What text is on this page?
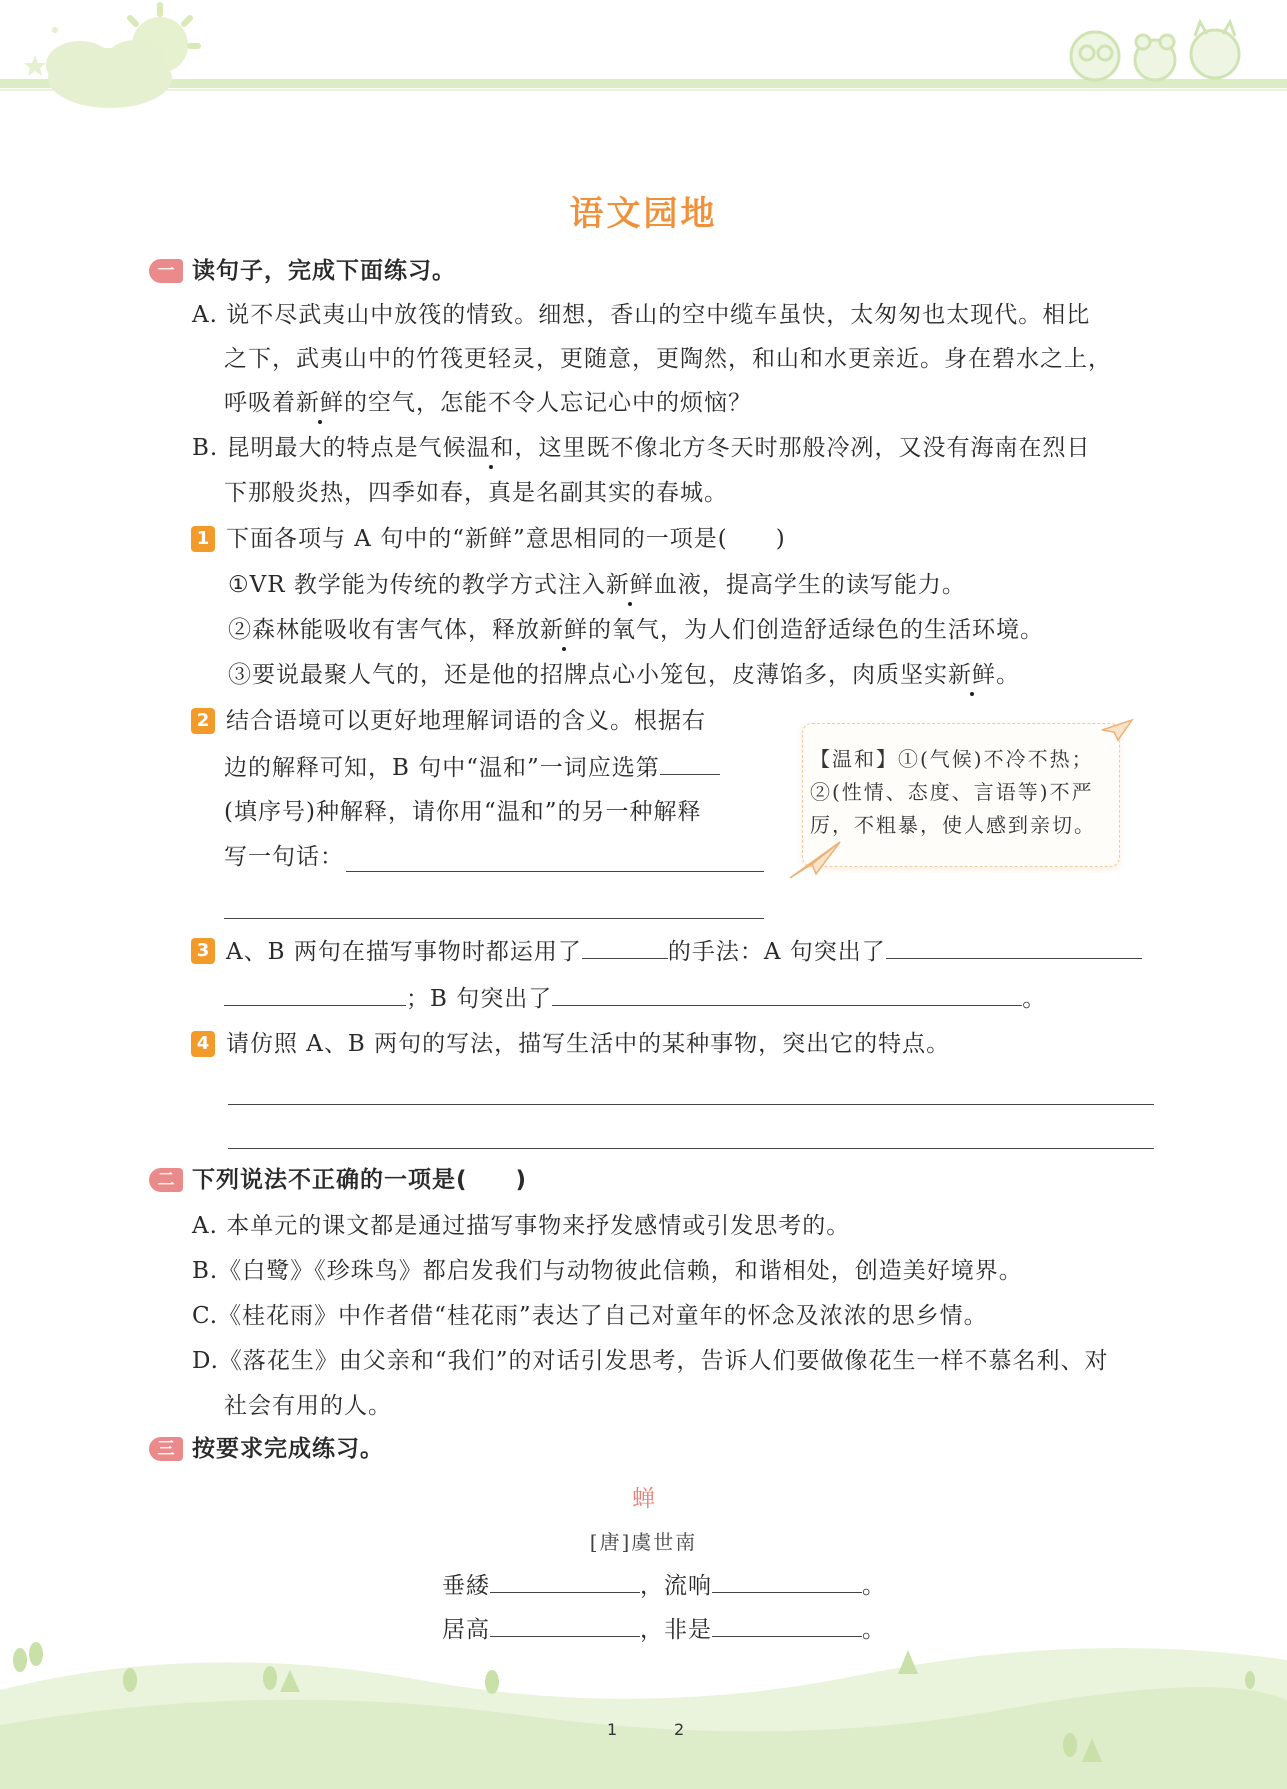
语文园地
一 读句子，完成下面练习。
A. 说不尽武夷山中放筏的情致。细想，香山的空中缆车虽快，太匆匆也太现代。相比
之下，武夷山中的竹筏更轻灵，更随意，更陶然，和山和水更亲近。身在碧水之上，
呼吸着新鲜的空气，怎能不令人忘记心中的烦恼？
B. 昆明最大的特点是气候温和，这里既不像北方冬天时那般冷冽，又没有海南在烈日
下那般炎热，四季如春，真是名副其实的春城。
1 下面各项与 A 句中的“新鲜”意思相同的一项是(　　)
①VR 教学能为传统的教学方式注入新鲜血液，提高学生的读写能力。
②森林能吸收有害气体，释放新鲜的氧气，为人们创造舒适绿色的生活环境。
③要说最聚人气的，还是他的招牌点心小笼包，皮薄馅多，肉质坚实新鲜。
2 结合语境可以更好地理解词语的含义。根据右
边的解释可知，B 句中“温和”一词应选第
(填序号)种解释，请你用“温和”的另一种解释
写一句话：
【温和】①(气候)不冷不热；
②(性情、态度、言语等)不严
厉，不粗暴，使人感到亲切。
3 A、B 两句在描写事物时都运用了	的手法：A 句突出了
；B 句突出了	。
4 请仿照 A、B 两句的写法，描写生活中的某种事物，突出它的特点。
二 下列说法不正确的一项是(　　)
A. 本单元的课文都是通过描写事物来抒发感情或引发思考的。
B.《白鹭》《珍珠鸟》都启发我们与动物彼此信赖，和谐相处，创造美好境界。
C.《桂花雨》中作者借“桂花雨”表达了自己对童年的怀念及浓浓的思乡情。
D.《落花生》由父亲和“我们”的对话引发思考，告诉人们要做像花生一样不慕名利、对
社会有用的人。
三 按要求完成练习。
蝉
[唐]虞世南
垂緌	，流响	。
居高	，非是	。
1	2
